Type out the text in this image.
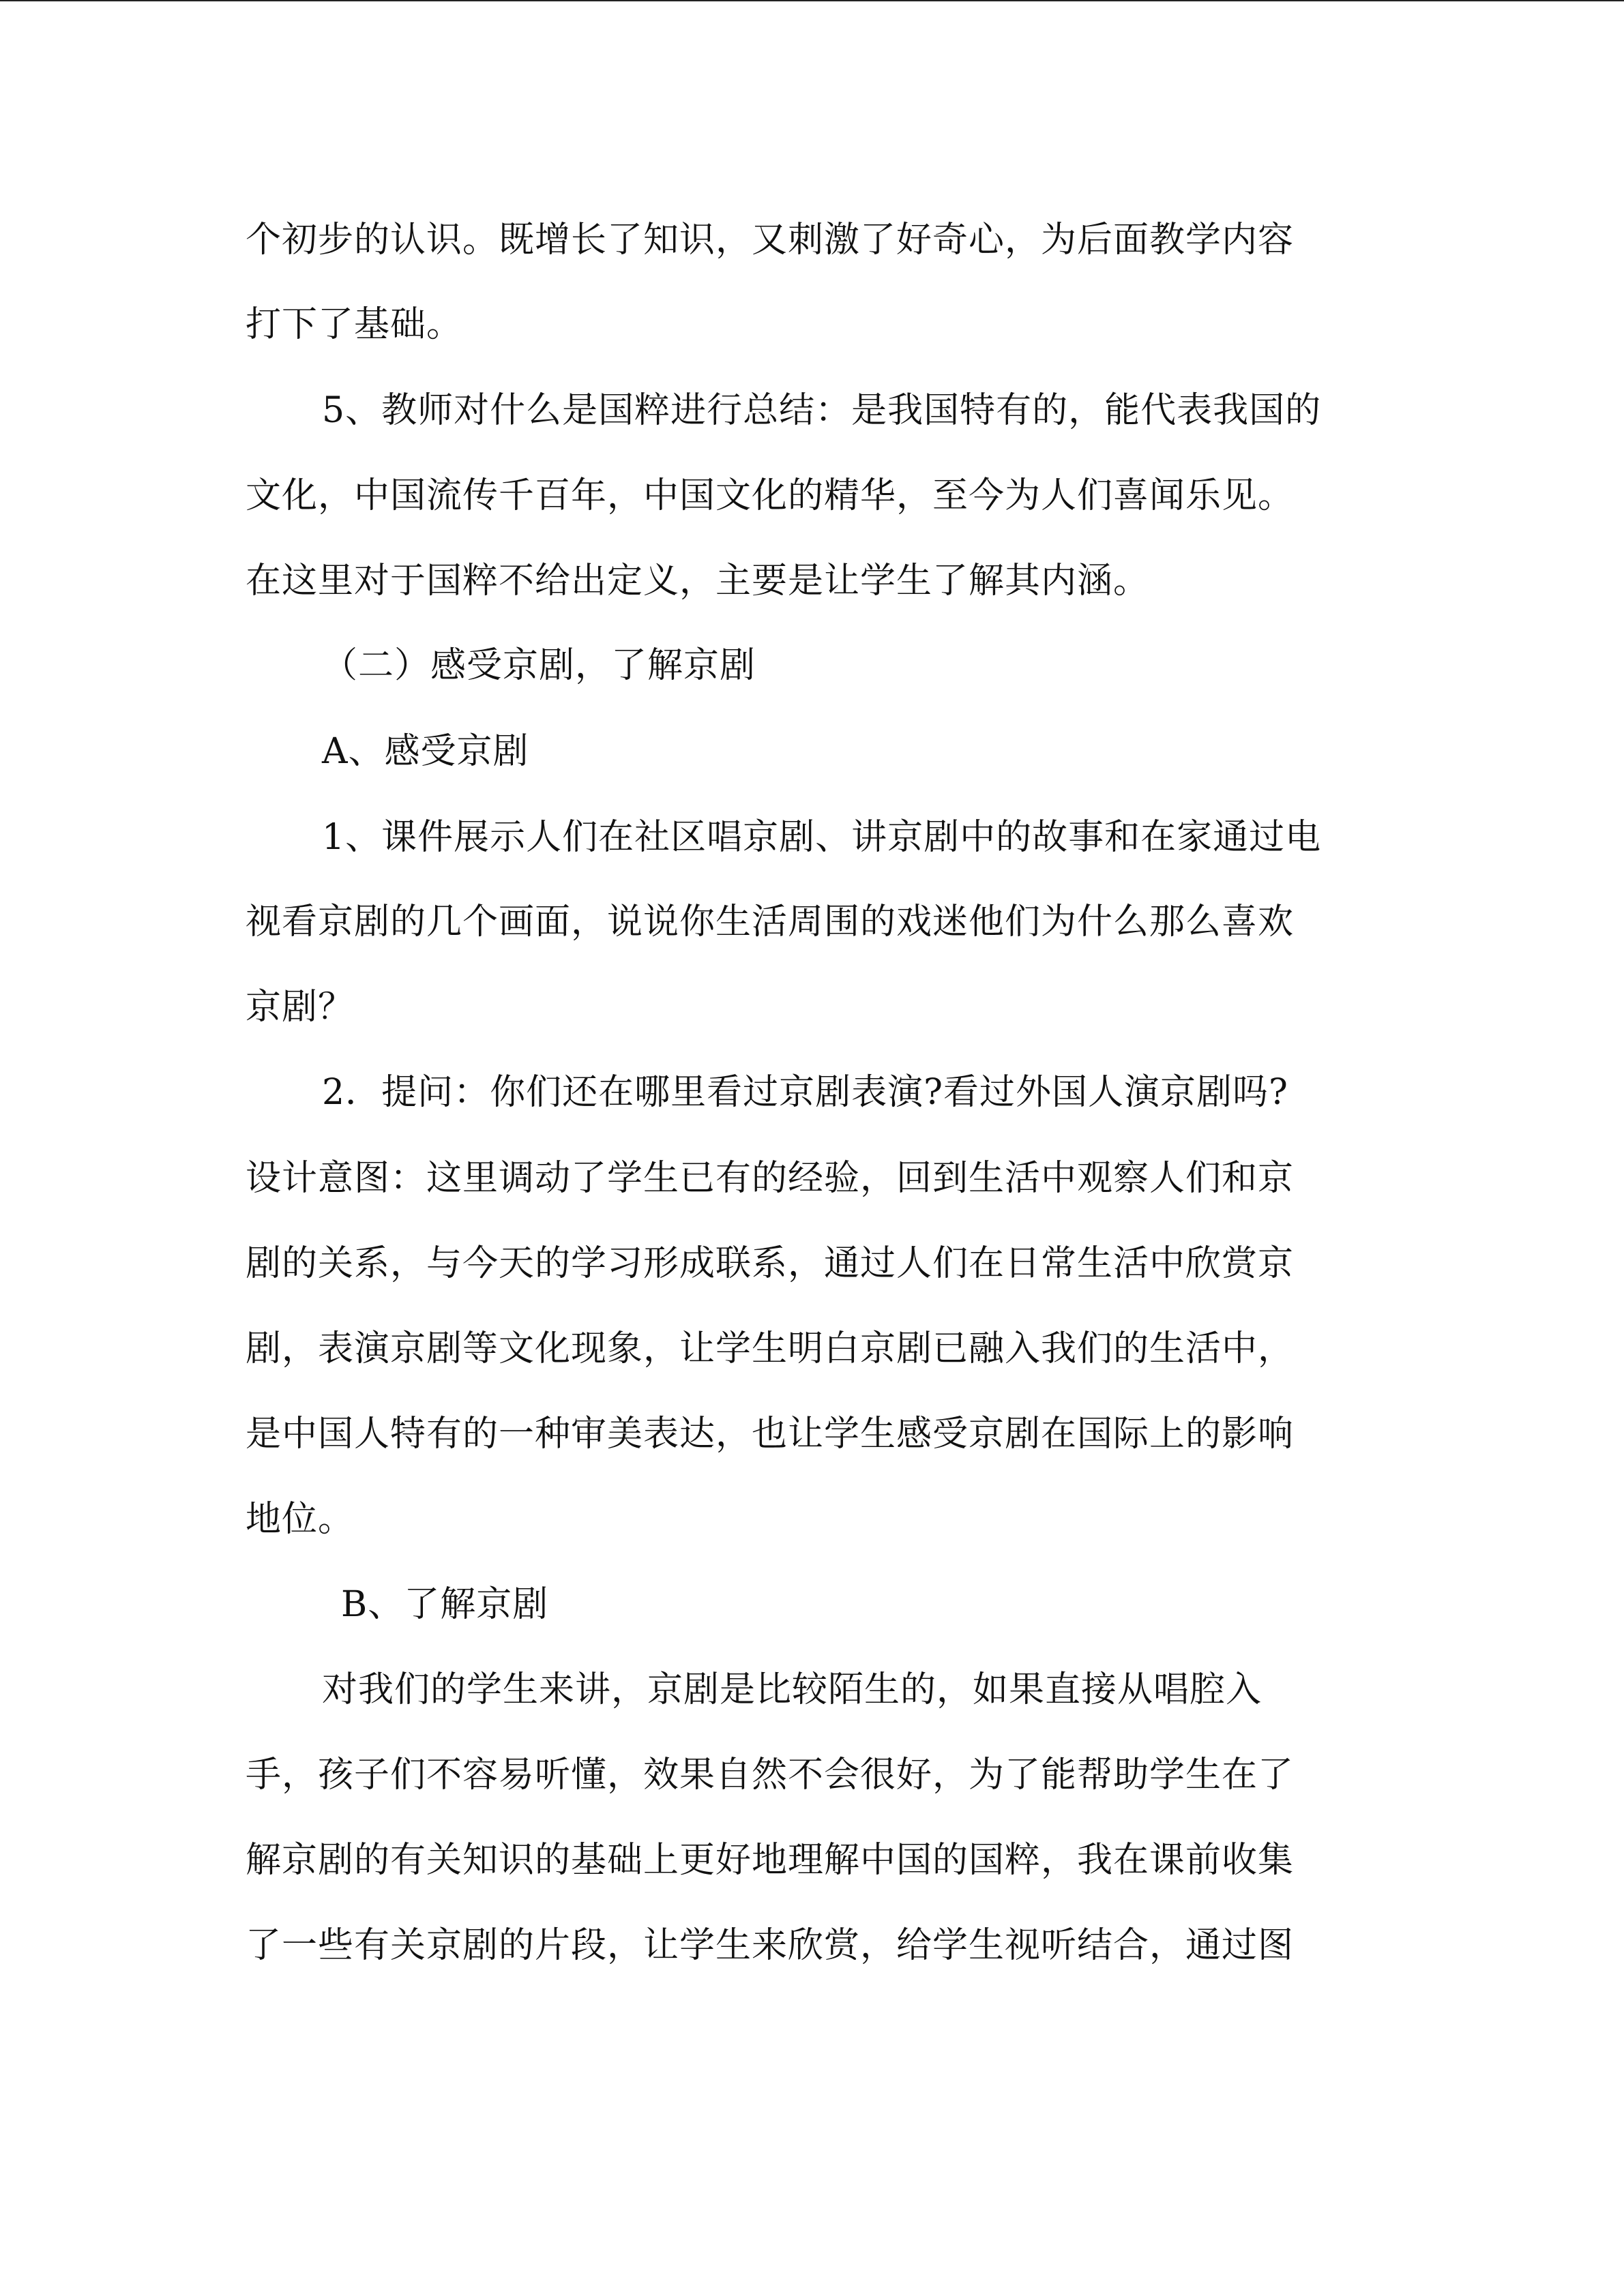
个初步的认识。既增长了知识，又刺激了好奇心，为后面教学内容
打下了基础。
5、教师对什么是国粹进行总结：是我国特有的，能代表我国的
文化，中国流传千百年，中国文化的精华，至今为人们喜闻乐见。
在这里对于国粹不给出定义，主要是让学生了解其内涵。
（二）感受京剧，了解京剧
A、感受京剧
1、课件展示人们在社区唱京剧、讲京剧中的故事和在家通过电
视看京剧的几个画面，说说你生活周围的戏迷他们为什么那么喜欢
京剧？
2．提问：你们还在哪里看过京剧表演?看过外国人演京剧吗?
设计意图：这里调动了学生已有的经验，回到生活中观察人们和京
剧的关系，与今天的学习形成联系，通过人们在日常生活中欣赏京
剧，表演京剧等文化现象，让学生明白京剧已融入我们的生活中，
是中国人特有的一种审美表达，也让学生感受京剧在国际上的影响
地位。
B、了解京剧
对我们的学生来讲，京剧是比较陌生的，如果直接从唱腔入
手，孩子们不容易听懂，效果自然不会很好，为了能帮助学生在了
解京剧的有关知识的基础上更好地理解中国的国粹，我在课前收集
了一些有关京剧的片段，让学生来欣赏，给学生视听结合，通过图
